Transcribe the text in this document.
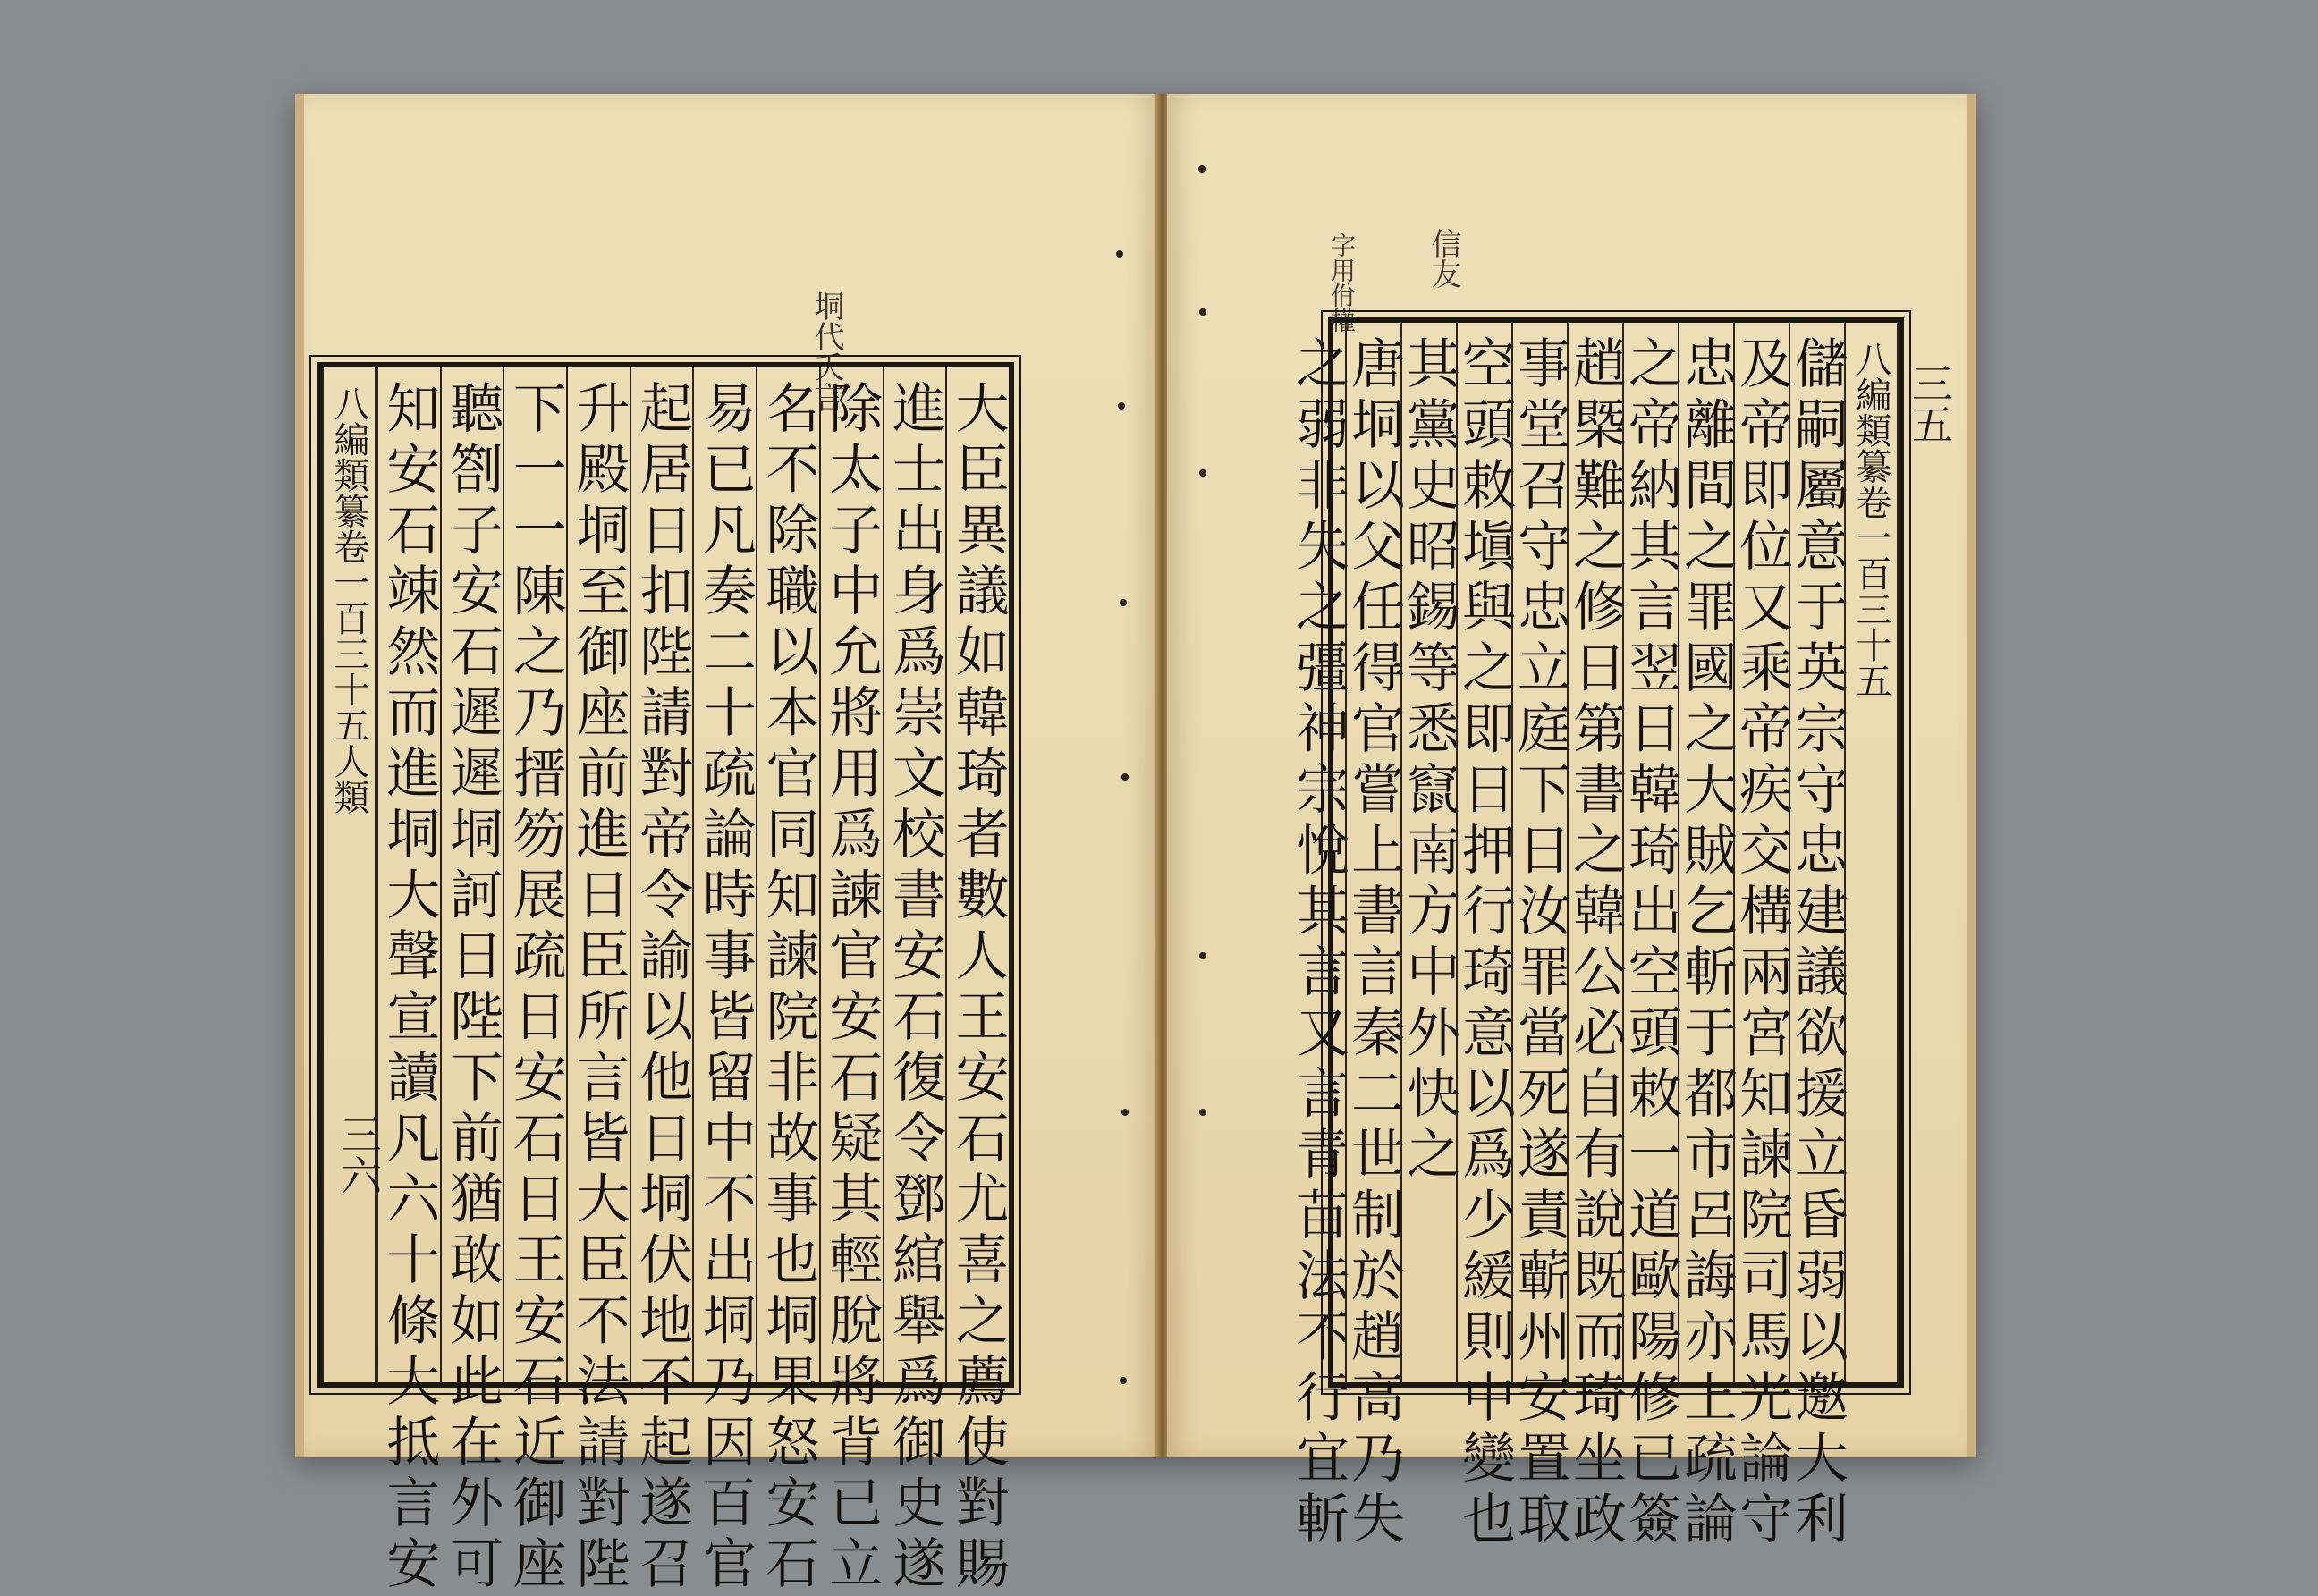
垌代夭言
大臣異議如韓琦者數人王安石尤喜之薦使對賜
進士出身爲崇文校書安石復令鄧綰舉爲御史遂
除太子中允將用爲諫官安石疑其輕脫將背已立
名不除職以本官同知諫院非故事也垌果怒安石
易已凡奏二十疏論時事皆留中不出垌乃因百官
起居日扣陛請對帝令諭以他日垌伏地不起遂召
升殿垌至御座前進日臣所言皆大臣不法請對陛
下一一陳之乃搢笏展疏日安石日王安石近御座
聽劄子安石遲遲垌訶日陛下前猶敢如此在外可
知安石竦然而進垌大聲宣讀凡六十條大抵言安
八編類纂卷一百三十五人類
三六
信友
字用佾權
八編類纂卷一百三十五
儲嗣屬意于英宗守忠建議欲援立昏弱以邀大利
及帝即位又乘帝疾交構兩宮知諫院司馬光論守
忠離間之罪國之大賊乞斬于都市呂誨亦上疏論
之帝納其言翌日韓琦出空頭敕一道歐陽修已簽
趙槩難之修日第書之韓公必自有說既而琦坐政
事堂召守忠立庭下日汝罪當死遂責蘄州安置取
空頭敕塡與之即日押行琦意以爲少緩則中變也
其黨史昭錫等悉竄南方中外快之
唐垌以父任得官嘗上書言秦二世制於趙高乃失
之弱非失之彊神宗悅其言又言青苗法不行宜斬	三五
